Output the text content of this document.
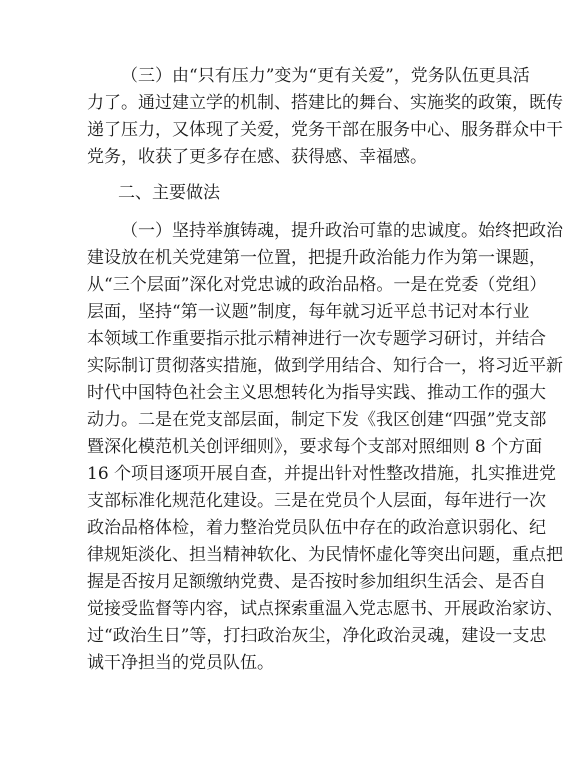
（三）由“只有压力”变为“更有关爱”，党务队伍更具活
力了。通过建立学的机制、搭建比的舞台、实施奖的政策，既传
递了压力，又体现了关爱，党务干部在服务中心、服务群众中干
党务，收获了更多存在感、获得感、幸福感。
二、主要做法
（一）坚持举旗铸魂，提升政治可靠的忠诚度。始终把政治
建设放在机关党建第一位置，把提升政治能力作为第一课题，
从“三个层面”深化对党忠诚的政治品格。一是在党委（党组）
层面，坚持“第一议题”制度，每年就习近平总书记对本行业
本领域工作重要指示批示精神进行一次专题学习研讨，并结合
实际制订贯彻落实措施，做到学用结合、知行合一，将习近平新
时代中国特色社会主义思想转化为指导实践、推动工作的强大
动力。二是在党支部层面，制定下发《我区创建“四强”党支部
暨深化模范机关创评细则》，要求每个支部对照细则 8 个方面
16 个项目逐项开展自查，并提出针对性整改措施，扎实推进党
支部标准化规范化建设。三是在党员个人层面，每年进行一次
政治品格体检，着力整治党员队伍中存在的政治意识弱化、纪
律规矩淡化、担当精神软化、为民情怀虚化等突出问题，重点把
握是否按月足额缴纳党费、是否按时参加组织生活会、是否自
觉接受监督等内容，试点探索重温入党志愿书、开展政治家访、
过“政治生日”等，打扫政治灰尘，净化政治灵魂，建设一支忠
诚干净担当的党员队伍。
